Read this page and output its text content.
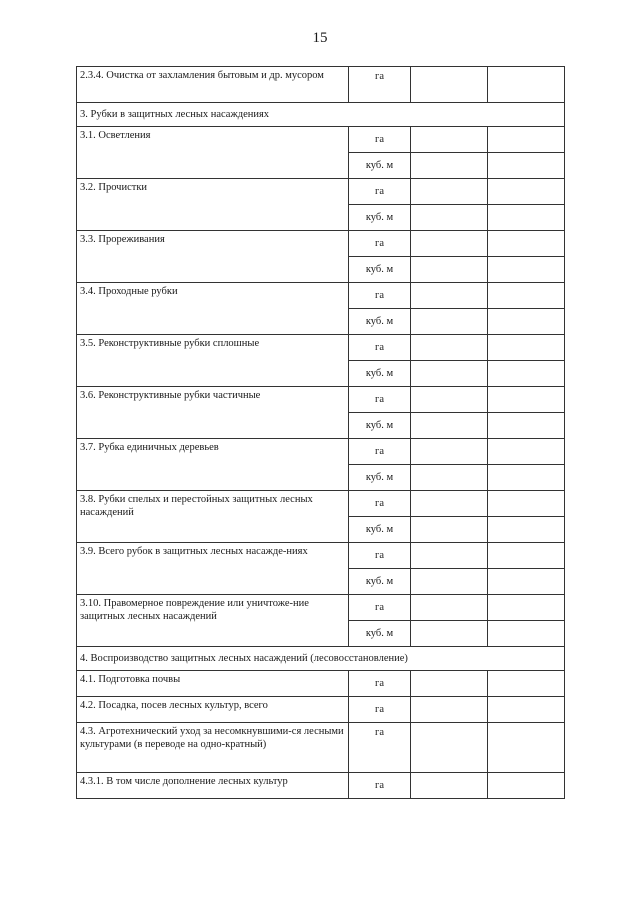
15
2.3.4. Очистка от захламления бытовым и др. мусором	га		
3. Рубки в защитных лесных насаждениях			
3.1. Осветления	га		
	куб. м		
3.2. Прочистки	га		
	куб. м		
3.3. Прореживания	га		
	куб. м		
3.4. Проходные рубки	га		
	куб. м		
3.5. Реконструктивные рубки сплошные	га		
	куб. м		
3.6. Реконструктивные рубки частичные	га		
	куб. м		
3.7. Рубка единичных деревьев	га		
	куб. м		
3.8. Рубки спелых и перестойных защитных лесных насаждений	га		
	куб. м		
3.9. Всего рубок в защитных лесных насажде-ниях	га		
	куб. м		
3.10. Правомерное повреждение или уничтоже-ние защитных лесных насаждений	га		
	куб. м		
4. Воспроизводство защитных лесных насаждений (лесовосстановление)			
4.1. Подготовка почвы	га		
4.2. Посадка, посев лесных культур, всего	га		
4.3. Агротехнический уход за несомкнувшими-ся лесными культурами (в переводе на одно-кратный)	га		
4.3.1. В том числе дополнение лесных культур	га		
